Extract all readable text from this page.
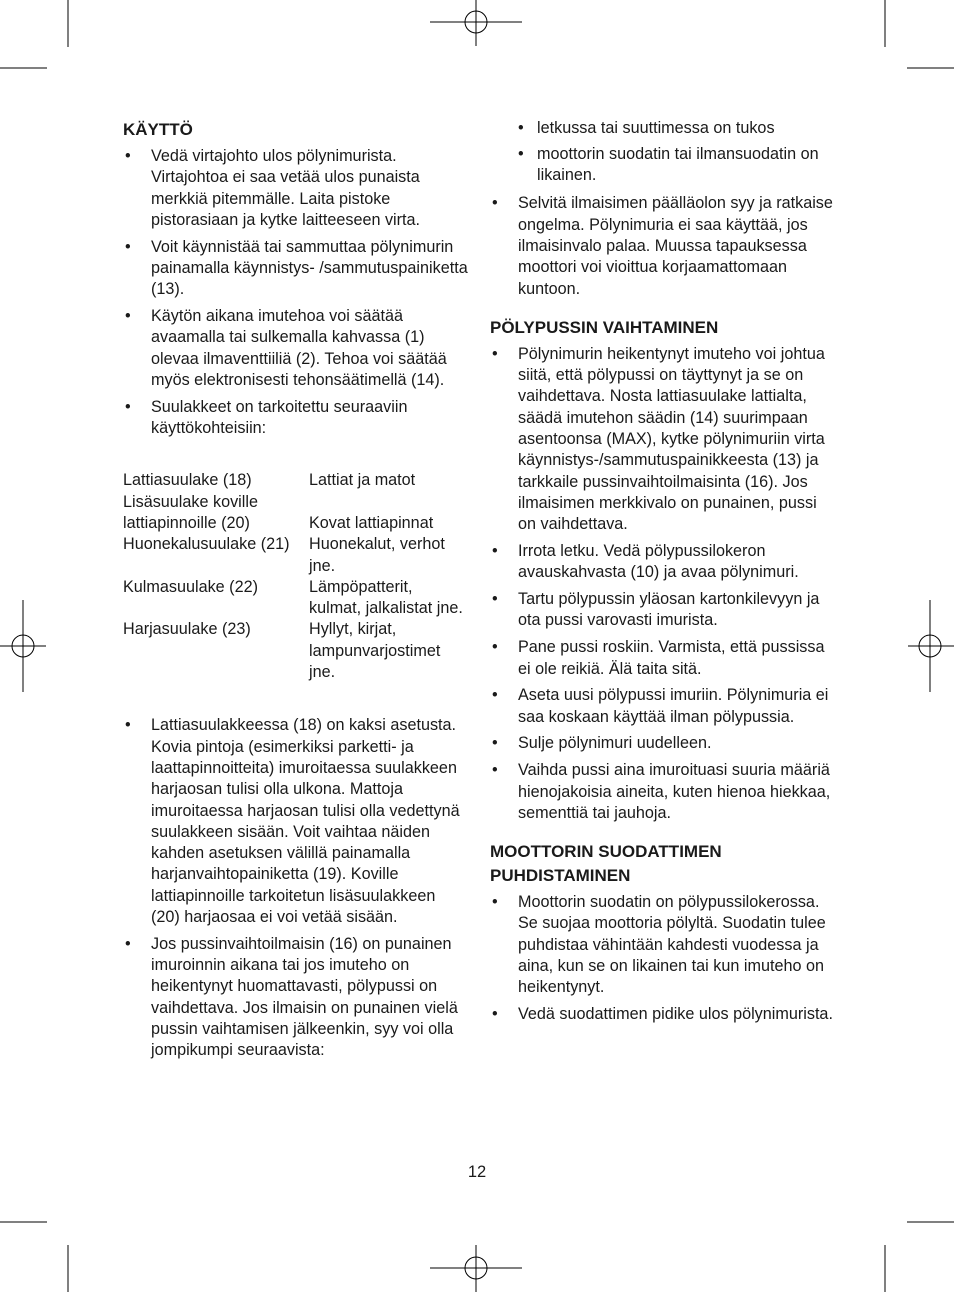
KÄYTTÖ
• Vedä virtajohto ulos pölynimurista. Virtajohtoa ei saa vetää ulos punaista merkkiä pitemmälle. Laita pistoke pistorasiaan ja kytke laitteeseen virta.
• Voit käynnistää tai sammuttaa pölynimurin painamalla käynnistys- /sammutuspainiketta (13).
• Käytön aikana imutehoa voi säätää avaamalla tai sulkemalla kahvassa (1) olevaa ilmaventtiiliä (2). Tehoa voi säätää myös elektronisesti tehonsäätimellä (14).
• Suulakkeet on tarkoitettu seuraaviin käyttökohteisiin:
Lattiasuulake (18)	Lattiat ja matot
Lisäsuulake koville	
lattiapinnoille (20)	Kovat lattiapinnat
Huonekalusuulake (21)	Huonekalut, verhot jne.
Kulmasuulake (22)	Lämpöpatterit, kulmat, jalkalistat jne.
Harjasuulake (23)	Hyllyt, kirjat, lampunvarjostimet jne.
• Lattiasuulakkeessa (18) on kaksi asetusta. Kovia pintoja (esimerkiksi parketti- ja laattapinnoitteita) imuroitaessa suulakkeen harjaosan tulisi olla ulkona. Mattoja imuroitaessa harjaosan tulisi olla vedettynä suulakkeen sisään. Voit vaihtaa näiden kahden asetuksen välillä painamalla harjanvaihtopainiketta (19). Koville lattiapinnoille tarkoitetun lisäsuulakkeen (20) harjaosaa ei voi vetää sisään.
• Jos pussinvaihtoilmaisin (16) on punainen imuroinnin aikana tai jos imuteho on heikentynyt huomattavasti, pölypussi on vaihdettava. Jos ilmaisin on punainen vielä pussin vaihtamisen jälkeenkin, syy voi olla jompikumpi seuraavista:
• letkussa tai suuttimessa on tukos
• moottorin suodatin tai ilmansuodatin on likainen.
• Selvitä ilmaisimen päälläolon syy ja ratkaise ongelma. Pölynimuria ei saa käyttää, jos ilmaisinvalo palaa. Muussa tapauksessa moottori voi vioittua korjaamattomaan kuntoon.
PÖLYPUSSIN VAIHTAMINEN
• Pölynimurin heikentynyt imuteho voi johtua siitä, että pölypussi on täyttynyt ja se on vaihdettava. Nosta lattiasuulake lattialta, säädä imutehon säädin (14) suurimpaan asentoonsa (MAX), kytke pölynimuriin virta käynnistys-/sammutuspainikkeesta (13) ja tarkkaile pussinvaihtoilmaisinta (16). Jos ilmaisimen merkkivalo on punainen, pussi on vaihdettava.
• Irrota letku. Vedä pölypussilokeron avauskahvasta (10) ja avaa pölynimuri.
• Tartu pölypussin yläosan kartonkilevyyn ja ota pussi varovasti imurista.
• Pane pussi roskiin. Varmista, että pussissa ei ole reikiä. Älä taita sitä.
• Aseta uusi pölypussi imuriin. Pölynimuria ei saa koskaan käyttää ilman pölypussia.
• Sulje pölynimuri uudelleen.
• Vaihda pussi aina imuroituasi suuria määriä hienojakoisia aineita, kuten hienoa hiekkaa, sementtiä tai jauhoja.
MOOTTORIN SUODATTIMEN
PUHDISTAMINEN
• Moottorin suodatin on pölypussilokerossa. Se suojaa moottoria pölyltä. Suodatin tulee puhdistaa vähintään kahdesti vuodessa ja aina, kun se on likainen tai kun imuteho on heikentynyt.
• Vedä suodattimen pidike ulos pölynimurista.
12
